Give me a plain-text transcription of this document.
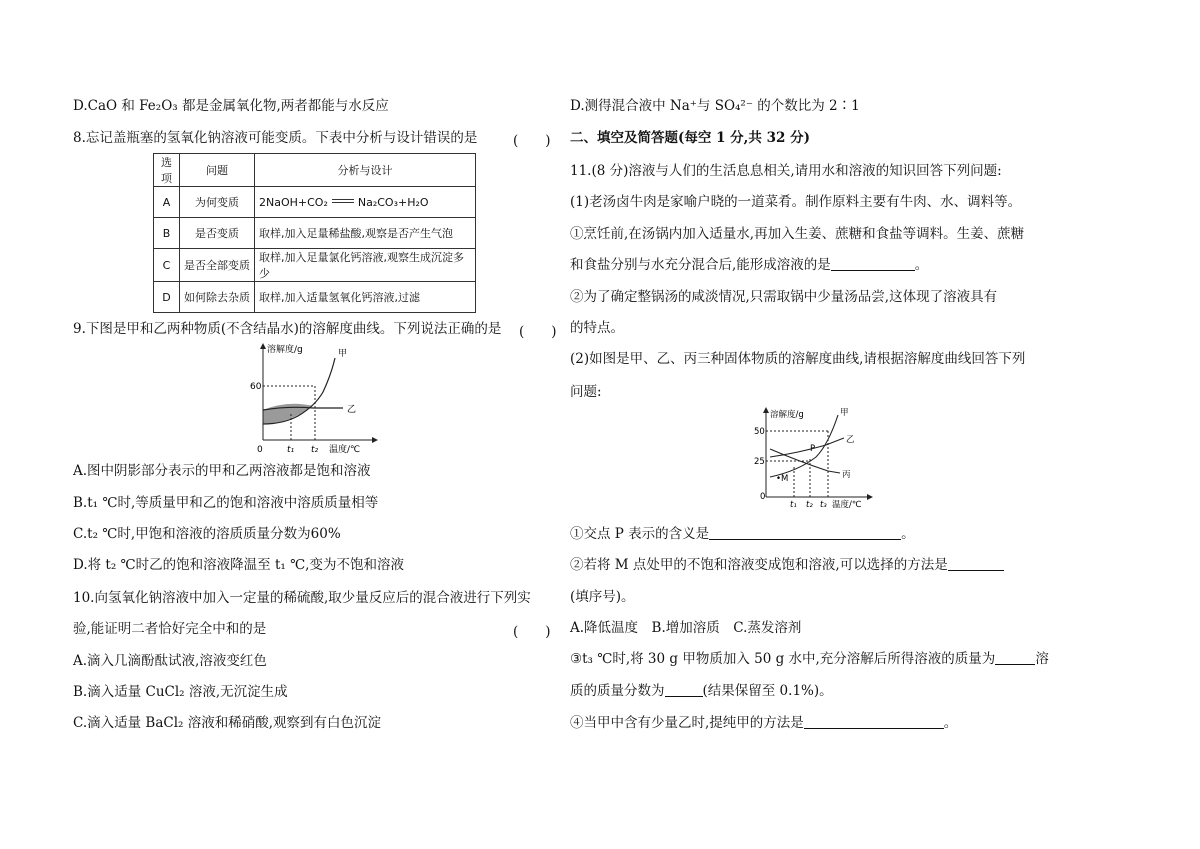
D.CaO 和 Fe₂O₃ 都是金属氧化物,两者都能与水反应
8.忘记盖瓶塞的氢氧化钠溶液可能变质。下表中分析与设计错误的是	(　　)
选项	问题	分析与设计
A	为何变质	2NaOH+CO₂ Na₂CO₃+H₂O
B	是否变质	取样,加入足量稀盐酸,观察是否产生气泡
C	是否全部变质	取样,加入足量氯化钙溶液,观察生成沉淀多少
D	如何除去杂质	取样,加入适量氢氧化钙溶液,过滤
9.下图是甲和乙两种物质(不含结晶水)的溶解度曲线。下列说法正确的是 (　　)
溶解度/g
温度/℃
60
0	t₁ t₂
甲
乙
A.图中阴影部分表示的甲和乙两溶液都是饱和溶液
B.t₁ ℃时,等质量甲和乙的饱和溶液中溶质质量相等
C.t₂ ℃时,甲饱和溶液的溶质质量分数为60%
D.将 t₂ ℃时乙的饱和溶液降温至 t₁ ℃,变为不饱和溶液
10.向氢氧化钠溶液中加入一定量的稀硫酸,取少量反应后的混合液进行下列实
验,能证明二者恰好完全中和的是	(　　)
A.滴入几滴酚酞试液,溶液变红色
B.滴入适量 CuCl₂ 溶液,无沉淀生成
C.滴入适量 BaCl₂ 溶液和稀硝酸,观察到有白色沉淀
D.测得混合液中 Na⁺与 SO₄²⁻ 的个数比为 2∶1
二、填空及简答题(每空 1 分,共 32 分)
11.(8 分)溶液与人们的生活息息相关,请用水和溶液的知识回答下列问题:
(1)老汤卤牛肉是家喻户晓的一道菜肴。制作原料主要有牛肉、水、调料等。
①烹饪前,在汤锅内加入适量水,再加入生姜、蔗糖和食盐等调料。生姜、蔗糖
和食盐分别与水充分混合后,能形成溶液的是	。
②为了确定整锅汤的咸淡情况,只需取锅中少量汤品尝,这体现了溶液具有
的特点。
(2)如图是甲、乙、丙三种固体物质的溶解度曲线,请根据溶解度曲线回答下列
问题:
溶解度/g
温度/℃
50
25
0
t₁ t₂ t₃
甲
乙
丙
P
•M
①交点 P 表示的含义是	。
②若将 M 点处甲的不饱和溶液变成饱和溶液,可以选择的方法是
(填序号)。
A.降低温度　B.增加溶质　C.蒸发溶剂
③t₃ ℃时,将 30 g 甲物质加入 50 g 水中,充分溶解后所得溶液的质量为	溶
质的质量分数为	(结果保留至 0.1%)。
④当甲中含有少量乙时,提纯甲的方法是	。
